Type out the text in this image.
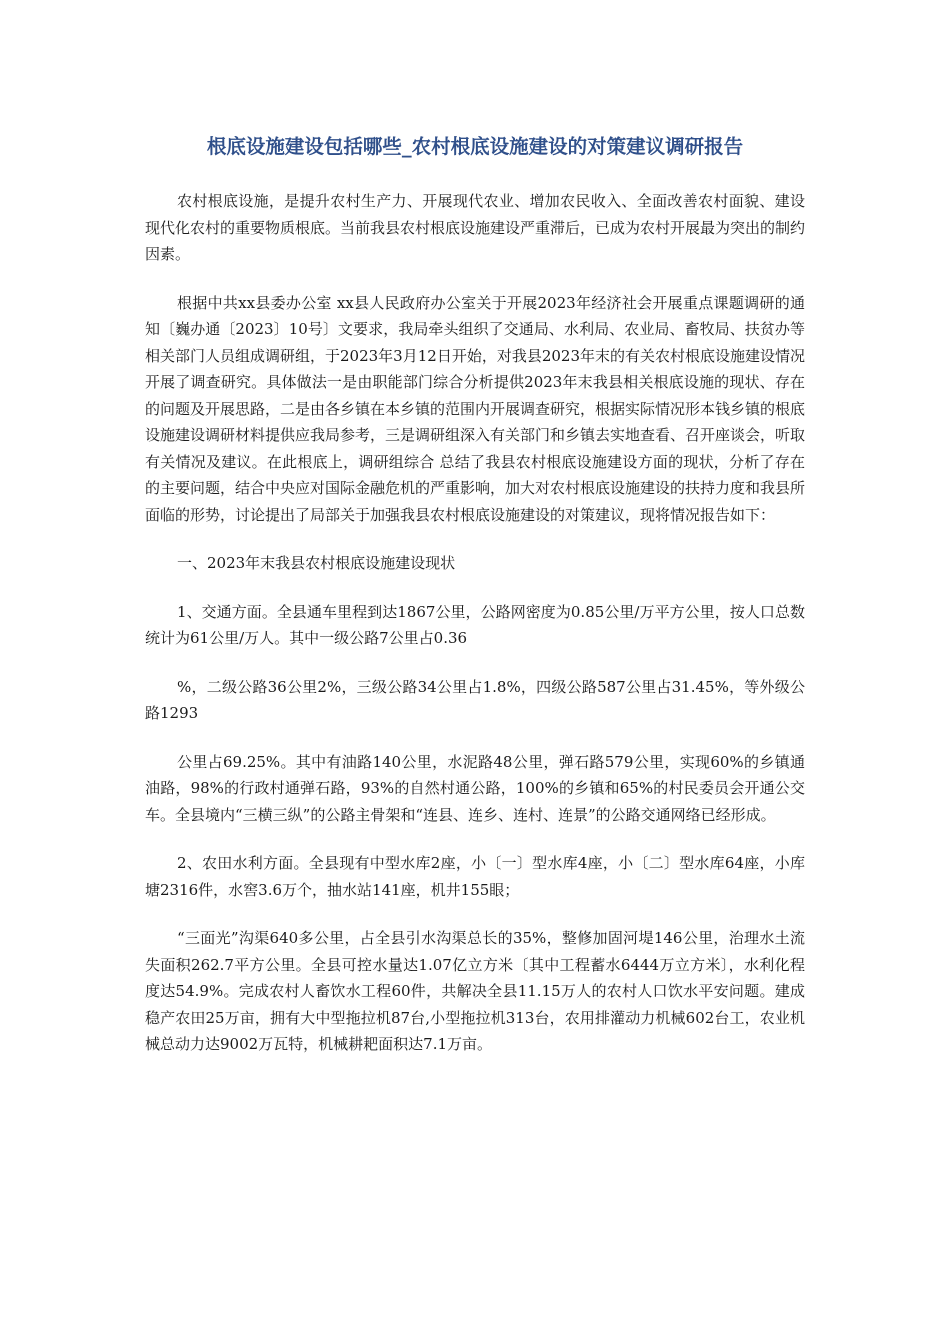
根底设施建设包括哪些_农村根底设施建设的对策建议调研报告

农村根底设施，是提升农村生产力、开展现代农业、增加农民收入、全面改善农村面貌、建设现代化农村的重要物质根底。当前我县农村根底设施建设严重滞后，已成为农村开展最为突出的制约因素。

根据中共xx县委办公室 xx县人民政府办公室关于开展2023年经济社会开展重点课题调研的通知〔巍办通〔2023〕10号〕文要求，我局牵头组织了交通局、水利局、农业局、畜牧局、扶贫办等相关部门人员组成调研组，于2023年3月12日开始，对我县2023年末的有关农村根底设施建设情况开展了调查研究。具体做法一是由职能部门综合分析提供2023年末我县相关根底设施的现状、存在的问题及开展思路，二是由各乡镇在本乡镇的范围内开展调查研究，根据实际情况形本钱乡镇的根底设施建设调研材料提供应我局参考，三是调研组深入有关部门和乡镇去实地查看、召开座谈会，听取有关情况及建议。在此根底上，调研组综合 总结了我县农村根底设施建设方面的现状，分析了存在的主要问题，结合中央应对国际金融危机的严重影响，加大对农村根底设施建设的扶持力度和我县所面临的形势，讨论提出了局部关于加强我县农村根底设施建设的对策建议，现将情况报告如下：

一、2023年末我县农村根底设施建设现状

1、交通方面。全县通车里程到达1867公里，公路网密度为0.85公里/万平方公里，按人口总数统计为61公里/万人。其中一级公路7公里占0.36

%，二级公路36公里2%，三级公路34公里占1.8%，四级公路587公里占31.45%，等外级公路1293

公里占69.25%。其中有油路140公里，水泥路48公里，弹石路579公里，实现60%的乡镇通油路，98%的行政村通弹石路，93%的自然村通公路，100%的乡镇和65%的村民委员会开通公交车。全县境内“三横三纵”的公路主骨架和“连县、连乡、连村、连景”的公路交通网络已经形成。

2、农田水利方面。全县现有中型水库2座，小〔一〕型水库4座，小〔二〕型水库64座，小库塘2316件，水窖3.6万个，抽水站141座，机井155眼；

“三面光”沟渠640多公里，占全县引水沟渠总长的35%，整修加固河堤146公里，治理水土流失面积262.7平方公里。全县可控水量达1.07亿立方米〔其中工程蓄水6444万立方米〕，水利化程度达54.9%。完成农村人畜饮水工程60件，共解决全县11.15万人的农村人口饮水平安问题。建成稳产农田25万亩，拥有大中型拖拉机87台,小型拖拉机313台，农用排灌动力机械602台工，农业机械总动力达9002万瓦特，机械耕耙面积达7.1万亩。
